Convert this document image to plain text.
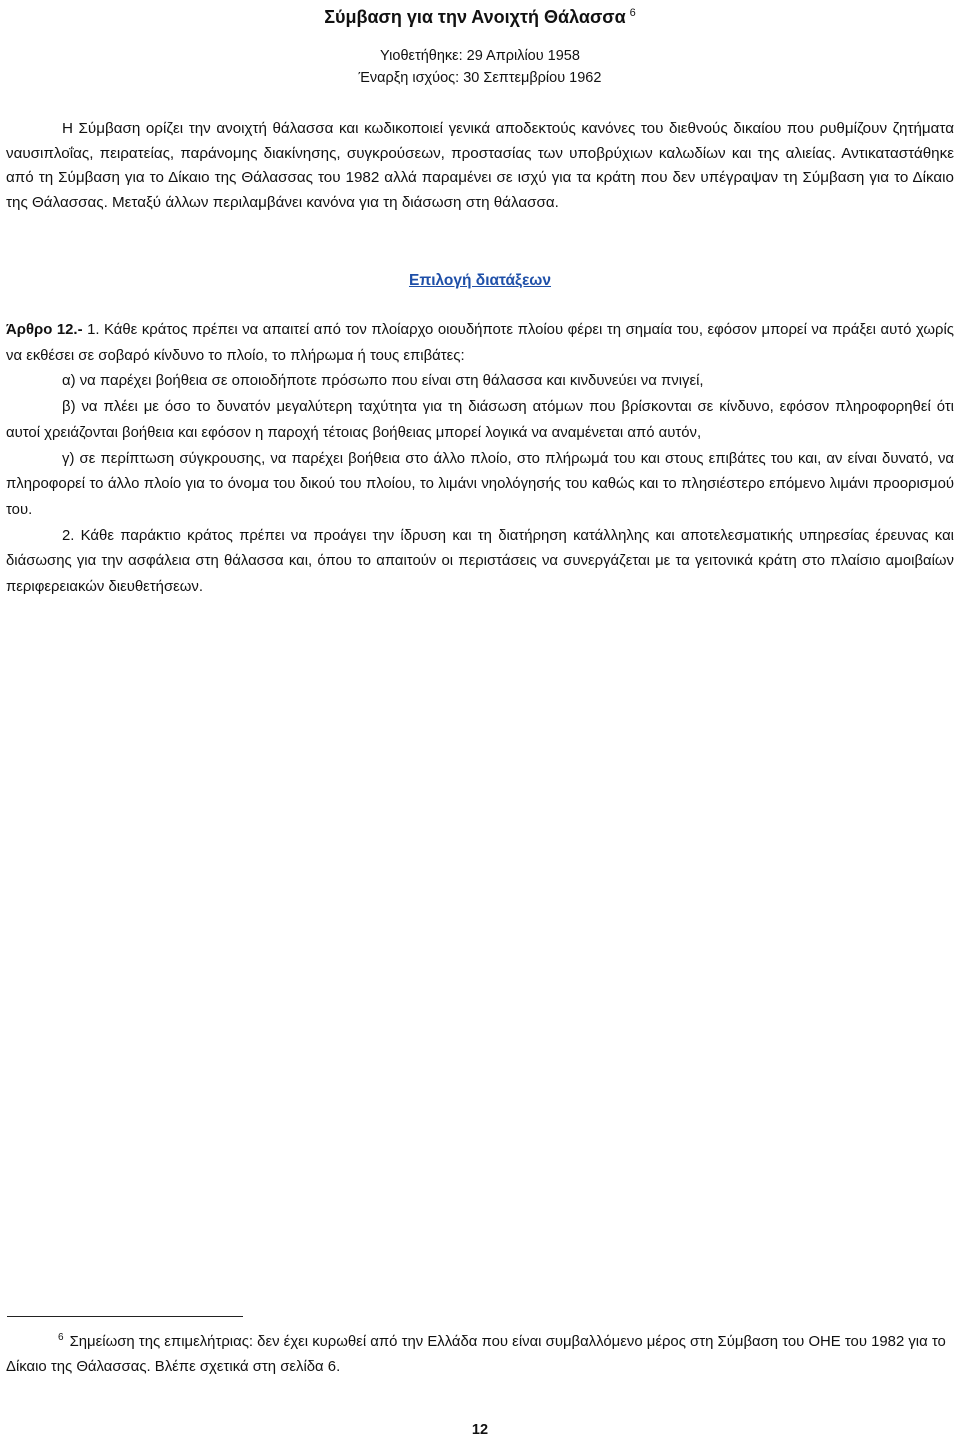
Σύμβαση για την Ανοιχτή Θάλασσα $^6$
Υιοθετήθηκε: 29 Απριλίου 1958
Έναρξη ισχύος: 30 Σεπτεμβρίου 1962

Η Σύμβαση ορίζει την ανοιχτή θάλασσα και κωδικοποιεί γενικά αποδεκτούς κανόνες του διεθνούς δικαίου που ρυθμίζουν ζητήματα ναυσιπλοΐας, πειρατείας, παράνομης διακίνησης, συγκρούσεων, προστασίας των υποβρύχιων καλωδίων και της αλιείας. Αντικαταστάθηκε από τη Σύμβαση για το Δίκαιο της Θάλασσας του 1982 αλλά παραμένει σε ισχύ για τα κράτη που δεν υπέγραψαν τη Σύμβαση για το Δίκαιο της Θάλασσας. Μεταξύ άλλων περιλαμβάνει κανόνα για τη διάσωση στη θάλασσα.

Επιλογή διατάξεων

Άρθρο 12.- 1. Κάθε κράτος πρέπει να απαιτεί από τον πλοίαρχο οιουδήποτε πλοίου φέρει τη σημαία του, εφόσον μπορεί να πράξει αυτό χωρίς να εκθέσει σε σοβαρό κίνδυνο το πλοίο, το πλήρωμα ή τους επιβάτες:

α) να παρέχει βοήθεια σε οποιοδήποτε πρόσωπο που είναι στη θάλασσα και κινδυνεύει να πνιγεί,

β) να πλέει με όσο το δυνατόν μεγαλύτερη ταχύτητα για τη διάσωση ατόμων που βρίσκονται σε κίνδυνο, εφόσον πληροφορηθεί ότι αυτοί χρειάζονται βοήθεια και εφόσον η παροχή τέτοιας βοήθειας μπορεί λογικά να αναμένεται από αυτόν,

γ) σε περίπτωση σύγκρουσης, να παρέχει βοήθεια στο άλλο πλοίο, στο πλήρωμά του και στους επιβάτες του και, αν είναι δυνατό, να πληροφορεί το άλλο πλοίο για το όνομα του δικού του πλοίου, το λιμάνι νηολόγησής του καθώς και το πλησιέστερο επόμενο λιμάνι προορισμού του.

2. Κάθε παράκτιο κράτος πρέπει να προάγει την ίδρυση και τη διατήρηση κατάλληλης και αποτελεσματικής υπηρεσίας έρευνας και διάσωσης για την ασφάλεια στη θάλασσα και, όπου το απαιτούν οι περιστάσεις να συνεργάζεται με τα γειτονικά κράτη στο πλαίσιο αμοιβαίων περιφερειακών διευθετήσεων.

$^6$ Σημείωση της επιμελήτριας: δεν έχει κυρωθεί από την Ελλάδα που είναι συμβαλλόμενο μέρος στη Σύμβαση του ΟΗΕ του 1982 για το Δίκαιο της Θάλασσας. Βλέπε σχετικά στη σελίδα 6.

12
